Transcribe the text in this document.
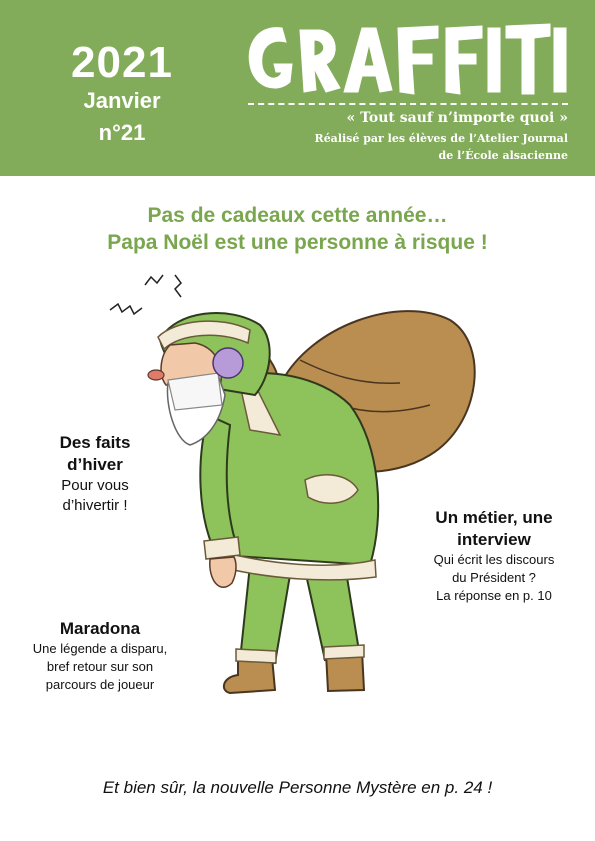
2021
Janvier
n°21
« Tout sauf n’importe quoi »
Réalisé par les élèves de l’Atelier Journal
de l’École alsacienne
Pas de cadeaux cette année…
Papa Noël est une personne à risque !
Des faits
d’hiver
Pour vous
d’hivertir !
Un métier, une
interview
Qui écrit les discours
du Président ?
La réponse en p. 10
Maradona
Une légende a disparu,
bref retour sur son
parcours de joueur
Et bien sûr, la nouvelle Personne Mystère en p. 24 !
